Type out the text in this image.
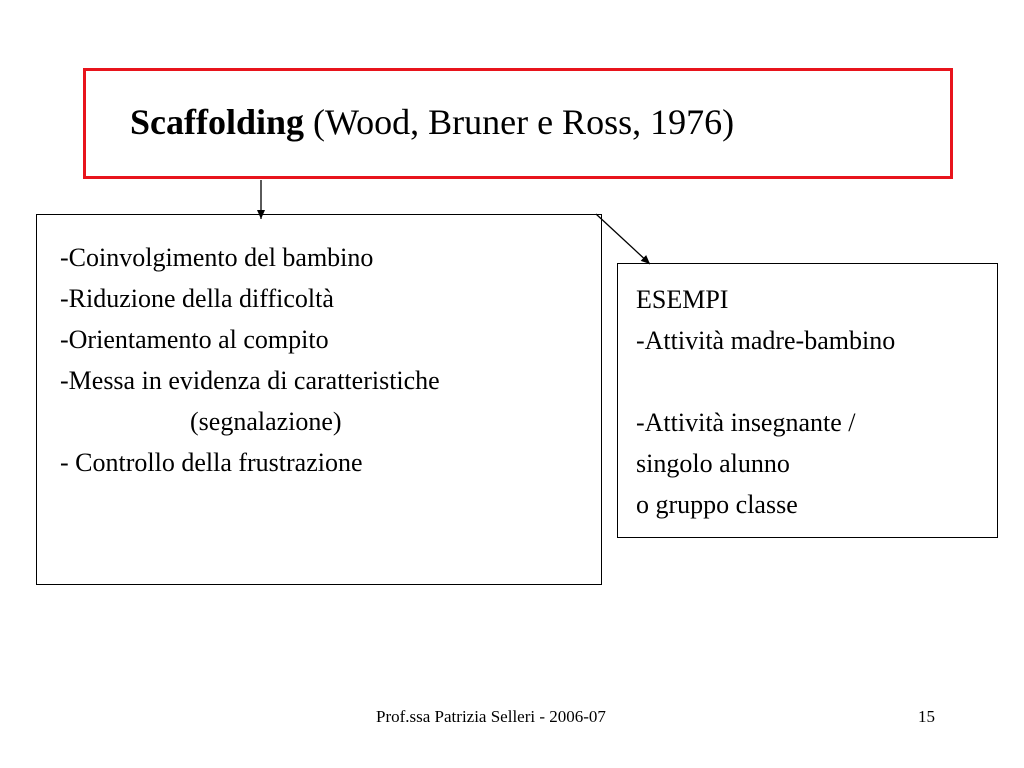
Scaffolding (Wood, Bruner e Ross, 1976)
-Coinvolgimento del bambino
-Riduzione della difficoltà
-Orientamento al compito
-Messa in evidenza di caratteristiche
(segnalazione)
- Controllo della frustrazione
ESEMPI
-Attività madre-bambino
-Attività insegnante /
singolo alunno
o gruppo classe
Prof.ssa Patrizia Selleri - 2006-07	15
